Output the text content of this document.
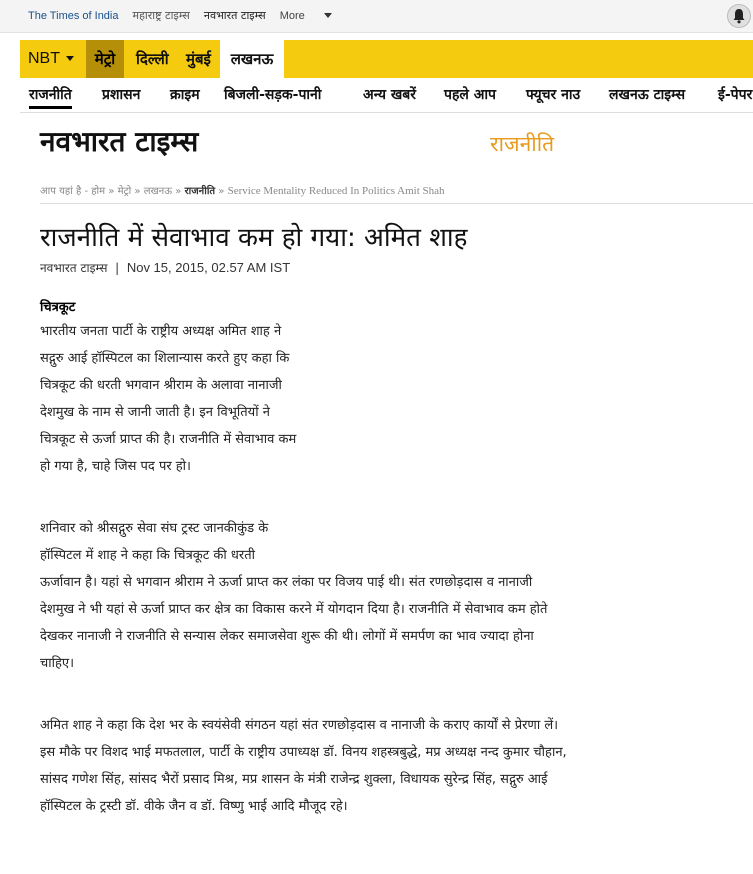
The Times of India महाराष्ट्र टाइम्स नवभारत टाइम्स More
NBT	मेट्रो	दिल्ली मुंबई	लखनऊ
राजनीति प्रशासन क्राइम बिजली-सड़क-पानी	अन्य खबरें पहले आप फ्यूचर नाउ लखनऊ टाइम्स ई-पेपर
नवभारत टाइम्स	राजनीति
आप यहां है - होम » मेट्रो » लखनऊ » राजनीति » Service Mentality Reduced In Politics Amit Shah
राजनीति में सेवाभाव कम हो गया: अमित शाह
नवभारत टाइम्स  |  Nov 15, 2015, 02.57 AM IST
चित्रकूट
भारतीय जनता पार्टी के राष्ट्रीय अध्यक्ष अमित शाह ने
सद्गुरु आई हॉस्पिटल का शिलान्यास करते हुए कहा कि
चित्रकूट की धरती भगवान श्रीराम के अलावा नानाजी
देशमुख के नाम से जानी जाती है। इन विभूतियों ने
चित्रकूट से ऊर्जा प्राप्त की है। राजनीति में सेवाभाव कम
हो गया है, चाहे जिस पद पर हो।
शनिवार को श्रीसद्गुरु सेवा संघ ट्रस्ट जानकीकुंड के
हॉस्पिटल में शाह ने कहा कि चित्रकूट की धरती
ऊर्जावान है। यहां से भगवान श्रीराम ने ऊर्जा प्राप्त कर लंका पर विजय पाई थी। संत रणछोड़दास व नानाजी
देशमुख ने भी यहां से ऊर्जा प्राप्त कर क्षेत्र का विकास करने में योगदान दिया है। राजनीति में सेवाभाव कम होते
देखकर नानाजी ने राजनीति से सन्यास लेकर समाजसेवा शुरू की थी। लोगों में समर्पण का भाव ज्यादा होना
चाहिए।
अमित शाह ने कहा कि देश भर के स्वयंसेवी संगठन यहां संत रणछोड़दास व नानाजी के कराए कार्यों से प्रेरणा लें।
इस मौके पर विशद भाई मफतलाल, पार्टी के राष्ट्रीय उपाध्यक्ष डॉ. विनय शहस्त्रबुद्धे, मप्र अध्यक्ष नन्द कुमार चौहान,
सांसद गणेश सिंह, सांसद भैरों प्रसाद मिश्र, मप्र शासन के मंत्री राजेन्द्र शुक्ला, विधायक सुरेन्द्र सिंह, सद्गुरु आई
हॉस्पिटल के ट्रस्टी डॉ. वीके जैन व डॉ. विष्णु भाई आदि मौजूद रहे।
